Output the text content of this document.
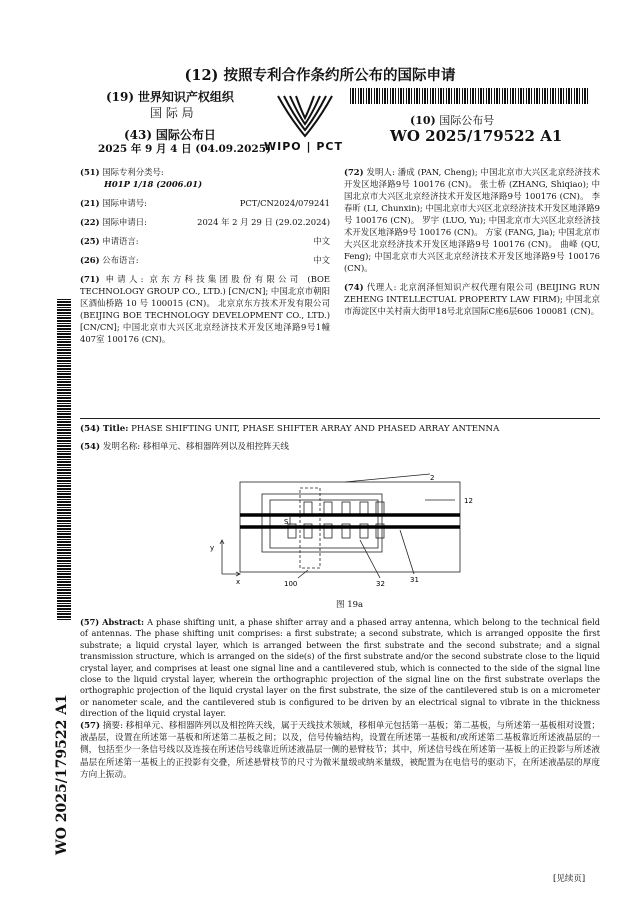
(12) 按照专利合作条约所公布的国际申请
(19) 世界知识产权组织
国 际 局
(43) 国际公布日
2025 年 9 月 4 日 (04.09.2025)
WIPO | PCT
(10) 国际公布号
WO 2025/179522 A1
(51) 国际专利分类号:
H01P 1/18 (2006.01)
(21) 国际申请号:	PCT/CN2024/079241
(22) 国际申请日:	2024 年 2 月 29 日 (29.02.2024)
(25) 申请语言:	中文
(26) 公布语言:	中文
(71) 申请人: 京东方科技集团股份有限公司 (BOE TECHNOLOGY GROUP CO., LTD.) [CN/CN]; 中国北京市朝阳区酒仙桥路 10 号 100015 (CN)。 北京京东方技术开发有限公司 (BEIJING BOE TECHNOLOGY DEVELOPMENT CO., LTD.) [CN/CN]; 中国北京市大兴区北京经济技术开发区地泽路9号1幢407室 100176 (CN)。
(72) 发明人: 潘成 (PAN, Cheng); 中国北京市大兴区北京经济技术开发区地泽路9号 100176 (CN)。 张士桥 (ZHANG, Shiqiao); 中国北京市大兴区北京经济技术开发区地泽路9号 100176 (CN)。 李春昕 (LI, Chunxin); 中国北京市大兴区北京经济技术开发区地泽路9号 100176 (CN)。 罗宇 (LUO, Yu); 中国北京市大兴区北京经济技术开发区地泽路9号 100176 (CN)。 方家 (FANG, Jia); 中国北京市大兴区北京经济技术开发区地泽路9号 100176 (CN)。 曲峰 (QU, Feng); 中国北京市大兴区北京经济技术开发区地泽路9号 100176 (CN)。
(74) 代理人: 北京润泽恒知识产权代理有限公司 (BEIJING RUN ZEHENG INTELLECTUAL PROPERTY LAW FIRM); 中国北京市海淀区中关村南大街甲18号北京国际C座6层606 100081 (CN)。
WO 2025/179522 A1
(54) Title: PHASE SHIFTING UNIT, PHASE SHIFTER ARRAY AND PHASED ARRAY ANTENNA
(54) 发明名称: 移相单元、移相器阵列以及相控阵天线
2
12
S
y
x	100	32	31
图 19a
(57) Abstract: A phase shifting unit, a phase shifter array and a phased array antenna, which belong to the technical field of antennas. The phase shifting unit comprises: a first substrate; a second substrate, which is arranged opposite the first substrate; a liquid crystal layer, which is arranged between the first substrate and the second substrate; and a signal transmission structure, which is arranged on the side(s) of the first substrate and/or the second substrate close to the liquid crystal layer, and comprises at least one signal line and a cantilevered stub, which is connected to the side of the signal line close to the liquid crystal layer, wherein the orthographic projection of the signal line on the first substrate overlaps the orthographic projection of the liquid crystal layer on the first substrate, the size of the cantilevered stub is on a micrometer or nanometer scale, and the cantilevered stub is configured to be driven by an electrical signal to vibrate in the thickness direction of the liquid crystal layer.
(57) 摘要: 移相单元、移相器阵列以及相控阵天线，属于天线技术领域，移相单元包括第一基板；第二基板，与所述第一基板相对设置；液晶层，设置在所述第一基板和所述第二基板之间；以及，信号传输结构，设置在所述第一基板和/或所述第二基板靠近所述液晶层的一侧，包括至少一条信号线以及连接在所述信号线靠近所述液晶层一侧的悬臂枝节；其中，所述信号线在所述第一基板上的正投影与所述液晶层在所述第一基板上的正投影有交叠，所述悬臂枝节的尺寸为微米量级或纳米量级，被配置为在电信号的驱动下，在所述液晶层的厚度方向上振动。
[见续页]
